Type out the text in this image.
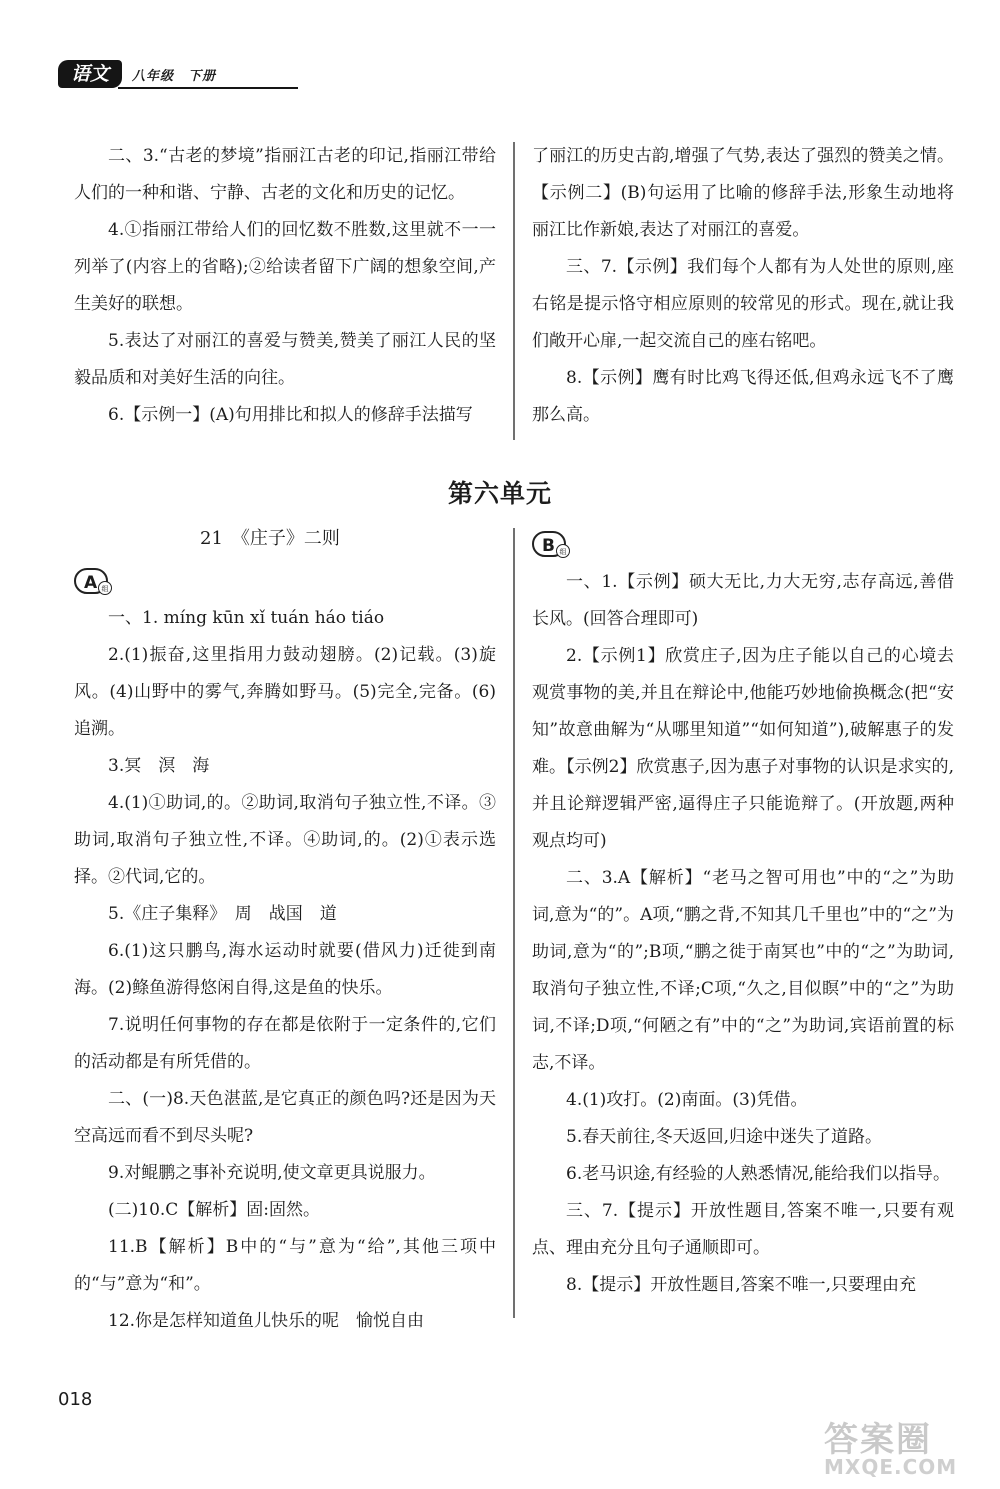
语文	八年级　下册

二、3.“古老的梦境”指丽江古老的印记,指丽江带给人们的一种和谐、宁静、古老的文化和历史的记忆。

4.①指丽江带给人们的回忆数不胜数,这里就不一一列举了(内容上的省略);②给读者留下广阔的想象空间,产生美好的联想。

5.表达了对丽江的喜爱与赞美,赞美了丽江人民的坚毅品质和对美好生活的向往。

6.【示例一】(A)句用排比和拟人的修辞手法描写

了丽江的历史古韵,增强了气势,表达了强烈的赞美之情。【示例二】(B)句运用了比喻的修辞手法,形象生动地将丽江比作新娘,表达了对丽江的喜爱。

三、7.【示例】我们每个人都有为人处世的原则,座右铭是提示恪守相应原则的较常见的形式。现在,就让我们敞开心扉,一起交流自己的座右铭吧。

8.【示例】鹰有时比鸡飞得还低,但鸡永远飞不了鹰那么高。

第六单元
21　《庄子》二则
A 组
B 组

一、1. míng kūn xǐ tuán háo tiáo

2.(1)振奋,这里指用力鼓动翅膀。(2)记载。(3)旋风。(4)山野中的雾气,奔腾如野马。(5)完全,完备。(6)追溯。

3.冥　溟　海

4.(1)①助词,的。②助词,取消句子独立性,不译。③助词,取消句子独立性,不译。④助词,的。(2)①表示选择。②代词,它的。

5.《庄子集释》　周　战国　道

6.(1)这只鹏鸟,海水运动时就要(借风力)迁徙到南海。(2)鲦鱼游得悠闲自得,这是鱼的快乐。

7.说明任何事物的存在都是依附于一定条件的,它们的活动都是有所凭借的。

二、(一)8.天色湛蓝,是它真正的颜色吗?还是因为天空高远而看不到尽头呢?

9.对鲲鹏之事补充说明,使文章更具说服力。

(二)10.C【解析】固:固然。

11.B【解析】B中的“与”意为“给”,其他三项中的“与”意为“和”。

12.你是怎样知道鱼儿快乐的呢　愉悦自由

一、1.【示例】硕大无比,力大无穷,志存高远,善借长风。(回答合理即可)

2.【示例1】欣赏庄子,因为庄子能以自己的心境去观赏事物的美,并且在辩论中,他能巧妙地偷换概念(把“安知”故意曲解为“从哪里知道”“如何知道”),破解惠子的发难。【示例2】欣赏惠子,因为惠子对事物的认识是求实的,并且论辩逻辑严密,逼得庄子只能诡辩了。(开放题,两种观点均可)

二、3.A【解析】“老马之智可用也”中的“之”为助词,意为“的”。A项,“鹏之背,不知其几千里也”中的“之”为助词,意为“的”;B项,“鹏之徙于南冥也”中的“之”为助词,取消句子独立性,不译;C项,“久之,目似瞑”中的“之”为助词,不译;D项,“何陋之有”中的“之”为助词,宾语前置的标志,不译。

4.(1)攻打。(2)南面。(3)凭借。

5.春天前往,冬天返回,归途中迷失了道路。

6.老马识途,有经验的人熟悉情况,能给我们以指导。

三、7.【提示】开放性题目,答案不唯一,只要有观点、理由充分且句子通顺即可。

8.【提示】开放性题目,答案不唯一,只要理由充

018
答案圈
MXQE.COM
